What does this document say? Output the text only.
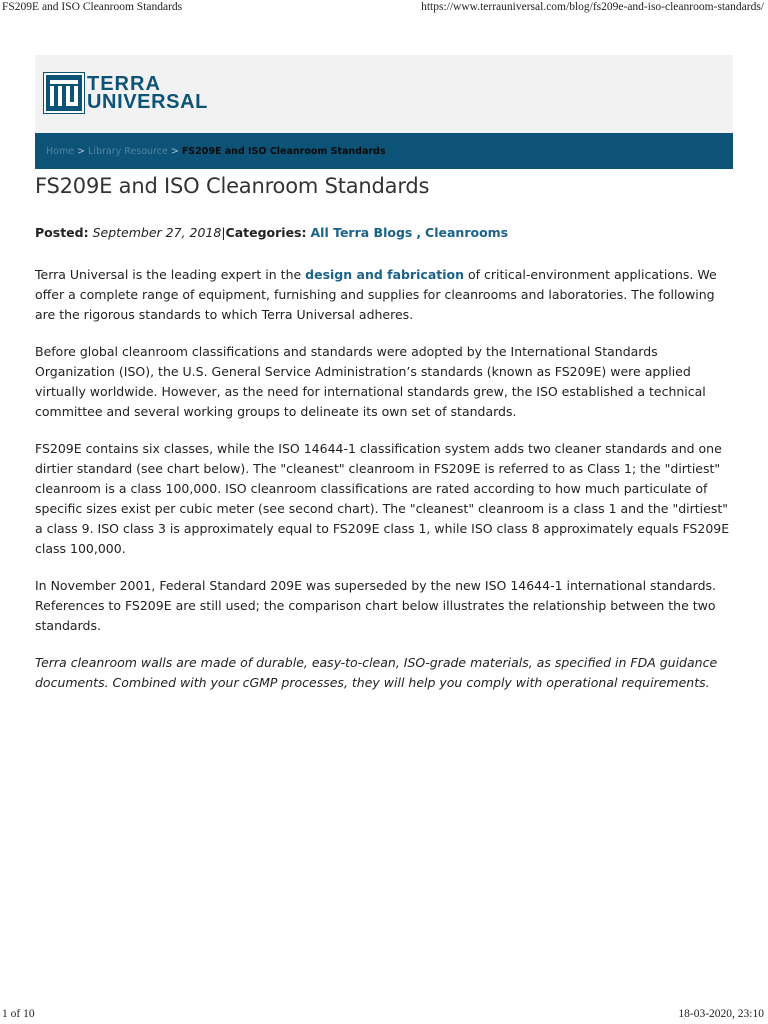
FS209E and ISO Cleanroom Standards	https://www.terrauniversal.com/blog/fs209e-and-iso-cleanroom-standards/
TERRA
UNIVERSAL
Home > Library Resource > FS209E and ISO Cleanroom Standards
FS209E and ISO Cleanroom Standards
Posted: September 27, 2018|Categories: All Terra Blogs , Cleanrooms

Terra Universal is the leading expert in the design and fabrication of critical-environment applications. We offer a complete range of equipment, furnishing and supplies for cleanrooms and laboratories. The following are the rigorous standards to which Terra Universal adheres.

Before global cleanroom classifications and standards were adopted by the International Standards Organization (ISO), the U.S. General Service Administration’s standards (known as FS209E) were applied virtually worldwide. However, as the need for international standards grew, the ISO established a technical committee and several working groups to delineate its own set of standards.

FS209E contains six classes, while the ISO 14644-1 classification system adds two cleaner standards and one dirtier standard (see chart below). The "cleanest" cleanroom in FS209E is referred to as Class 1; the "dirtiest" cleanroom is a class 100,000. ISO cleanroom classifications are rated according to how much particulate of specific sizes exist per cubic meter (see second chart). The "cleanest" cleanroom is a class 1 and the "dirtiest" a class 9. ISO class 3 is approximately equal to FS209E class 1, while ISO class 8 approximately equals FS209E class 100,000.

In November 2001, Federal Standard 209E was superseded by the new ISO 14644-1 international standards. References to FS209E are still used; the comparison chart below illustrates the relationship between the two standards.

Terra cleanroom walls are made of durable, easy-to-clean, ISO-grade materials, as specified in FDA guidance documents. Combined with your cGMP processes, they will help you comply with operational requirements.

1 of 10	18-03-2020, 23:10
